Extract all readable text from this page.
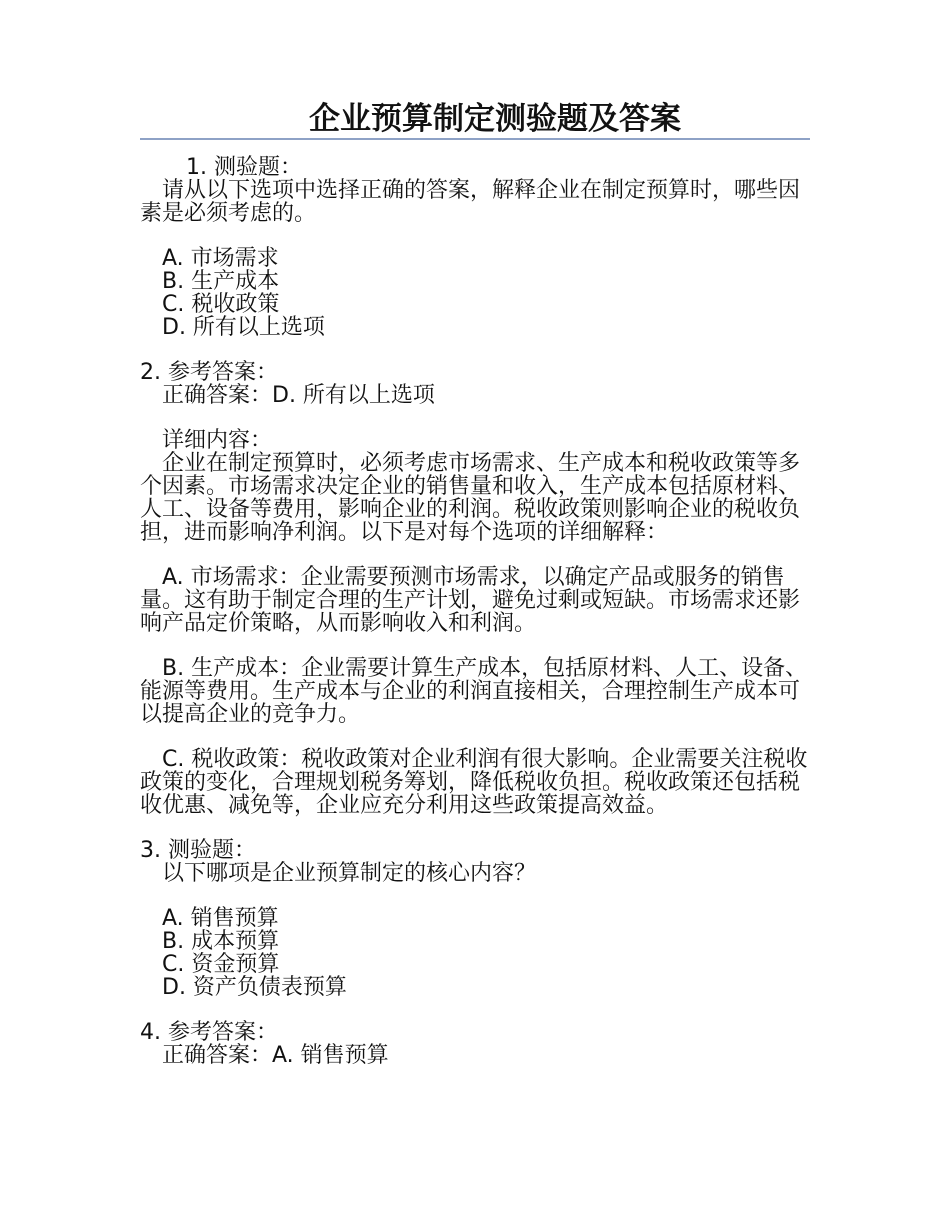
企业预算制定测验题及答案

1. 测验题：

请从以下选项中选择正确的答案，解释企业在制定预算时，哪些因素是必须考虑的。

A. 市场需求

B. 生产成本

C. 税收政策

D. 所有以上选项

2. 参考答案：

正确答案：D. 所有以上选项

详细内容：

企业在制定预算时，必须考虑市场需求、生产成本和税收政策等多个因素。市场需求决定企业的销售量和收入，生产成本包括原材料、人工、设备等费用，影响企业的利润。税收政策则影响企业的税收负担，进而影响净利润。以下是对每个选项的详细解释：

A. 市场需求：企业需要预测市场需求，以确定产品或服务的销售量。这有助于制定合理的生产计划，避免过剩或短缺。市场需求还影响产品定价策略，从而影响收入和利润。

B. 生产成本：企业需要计算生产成本，包括原材料、人工、设备、能源等费用。生产成本与企业的利润直接相关，合理控制生产成本可以提高企业的竞争力。

C. 税收政策：税收政策对企业利润有很大影响。企业需要关注税收政策的变化，合理规划税务筹划，降低税收负担。税收政策还包括税收优惠、减免等，企业应充分利用这些政策提高效益。

3. 测验题：

以下哪项是企业预算制定的核心内容？

A. 销售预算

B. 成本预算

C. 资金预算

D. 资产负债表预算

4. 参考答案：

正确答案：A. 销售预算
